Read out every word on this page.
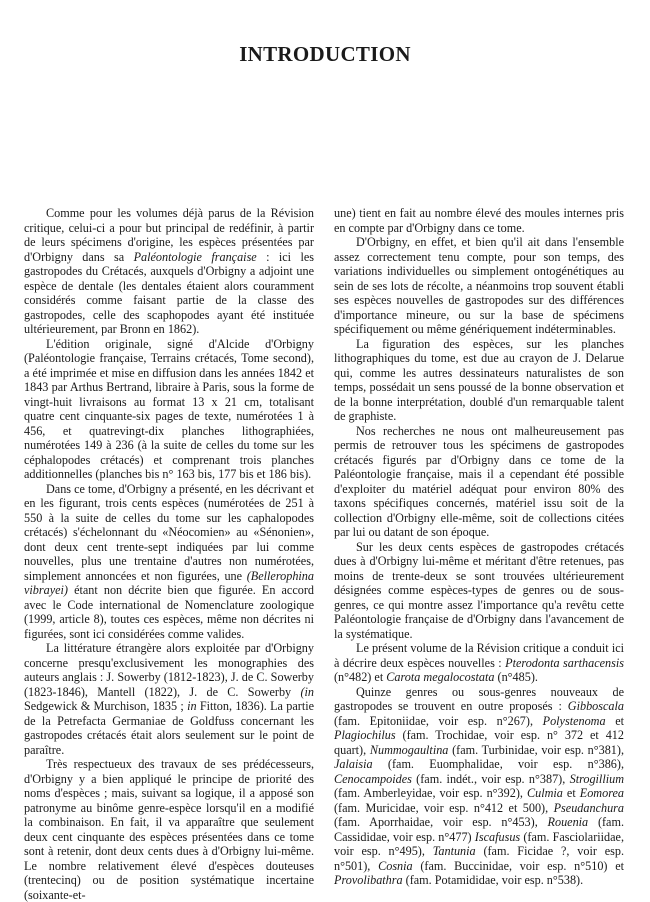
INTRODUCTION

Comme pour les volumes déjà parus de la Révision critique, celui-ci a pour but principal de redéfinir, à partir de leurs spécimens d'origine, les espèces présentées par d'Orbigny dans sa Paléontologie française : ici les gastropodes du Crétacés, auxquels d'Orbigny a adjoint une espèce de dentale (les dentales étaient alors couramment considérés comme faisant partie de la classe des gastropodes, celle des scaphopodes ayant été instituée ultérieurement, par Bronn en 1862).

L'édition originale, signé d'Alcide d'Orbigny (Paléontologie française, Terrains crétacés, Tome second), a été imprimée et mise en diffusion dans les années 1842 et 1843 par Arthus Bertrand, libraire à Paris, sous la forme de vingt-huit livraisons au format 13 x 21 cm, totalisant quatre cent cinquante-six pages de texte, numérotées 1 à 456, et quatrevingt-dix planches lithographiées, numérotées 149 à 236 (à la suite de celles du tome sur les céphalopodes crétacés) et comprenant trois planches additionnelles (planches bis n° 163 bis, 177 bis et 186 bis).

Dans ce tome, d'Orbigny a présenté, en les décrivant et en les figurant, trois cents espèces (numérotées de 251 à 550 à la suite de celles du tome sur les caphalopodes crétacés) s'échelonnant du «Néocomien» au «Sénonien», dont deux cent trente-sept indiquées par lui comme nouvelles, plus une trentaine d'autres non numérotées, simplement annoncées et non figurées, une (Bellerophina vibrayei) étant non décrite bien que figurée. En accord avec le Code international de Nomenclature zoologique (1999, article 8), toutes ces espèces, même non décrites ni figurées, sont ici considérées comme valides.

La littérature étrangère alors exploitée par d'Orbigny concerne presqu'exclusivement les monographies des auteurs anglais : J. Sowerby (1812-1823), J. de C. Sowerby (1823-1846), Mantell (1822), J. de C. Sowerby (in Sedgewick & Murchison, 1835 ; in Fitton, 1836). La partie de la Petrefacta Germaniae de Goldfuss concernant les gastropodes crétacés était alors seulement sur le point de paraître.

Très respectueux des travaux de ses prédécesseurs, d'Orbigny y a bien appliqué le principe de priorité des noms d'espèces ; mais, suivant sa logique, il a apposé son patronyme au binôme genre-espèce lorsqu'il en a modifié la combinaison. En fait, il va apparaître que seulement deux cent cinquante des espèces présentées dans ce tome sont à retenir, dont deux cents dues à d'Orbigny lui-même. Le nombre relativement élevé d'espèces douteuses (trentecinq) ou de position systématique incertaine (soixante-et-

une) tient en fait au nombre élevé des moules internes pris en compte par d'Orbigny dans ce tome.

D'Orbigny, en effet, et bien qu'il ait dans l'ensemble assez correctement tenu compte, pour son temps, des variations individuelles ou simplement ontogénétiques au sein de ses lots de récolte, a néanmoins trop souvent établi ses espèces nouvelles de gastropodes sur des différences d'importance mineure, ou sur la base de spécimens spécifiquement ou même génériquement indéterminables.

La figuration des espèces, sur les planches lithographiques du tome, est due au crayon de J. Delarue qui, comme les autres dessinateurs naturalistes de son temps, possédait un sens poussé de la bonne observation et de la bonne interprétation, doublé d'un remarquable talent de graphiste.

Nos recherches ne nous ont malheureusement pas permis de retrouver tous les spécimens de gastropodes crétacés figurés par d'Orbigny dans ce tome de la Paléontologie française, mais il a cependant été possible d'exploiter du matériel adéquat pour environ 80% des taxons spécifiques concernés, matériel issu soit de la collection d'Orbigny elle-même, soit de collections citées par lui ou datant de son époque.

Sur les deux cents espèces de gastropodes crétacés dues à d'Orbigny lui-même et méritant d'être retenues, pas moins de trente-deux se sont trouvées ultérieurement désignées comme espèces-types de genres ou de sous-genres, ce qui montre assez l'importance qu'a revêtu cette Paléontologie française de d'Orbigny dans l'avancement de la systématique.

Le présent volume de la Révision critique a conduit ici à décrire deux espèces nouvelles : Pterodonta sarthacensis (n°482) et Carota megalocostata (n°485).

Quinze genres ou sous-genres nouveaux de gastropodes se trouvent en outre proposés : Gibboscala (fam. Epitoniidae, voir esp. n°267), Polystenoma et Plagiochilus (fam. Trochidae, voir esp. n° 372 et 412 quart), Nummogaultina (fam. Turbinidae, voir esp. n°381), Jalaisia (fam. Euomphalidae, voir esp. n°386), Cenocampoides (fam. indét., voir esp. n°387), Strogillium (fam. Amberleyidae, voir esp. n°392), Culmia et Eomorea (fam. Muricidae, voir esp. n°412 et 500), Pseudanchura (fam. Aporrhaidae, voir esp. n°453), Rouenia (fam. Cassididae, voir esp. n°477) Iscafusus (fam. Fasciolariidae, voir esp. n°495), Tantunia (fam. Ficidae ?, voir esp. n°501), Cosnia (fam. Buccinidae, voir esp. n°510) et Provolibathra (fam. Potamididae, voir esp. n°538).
